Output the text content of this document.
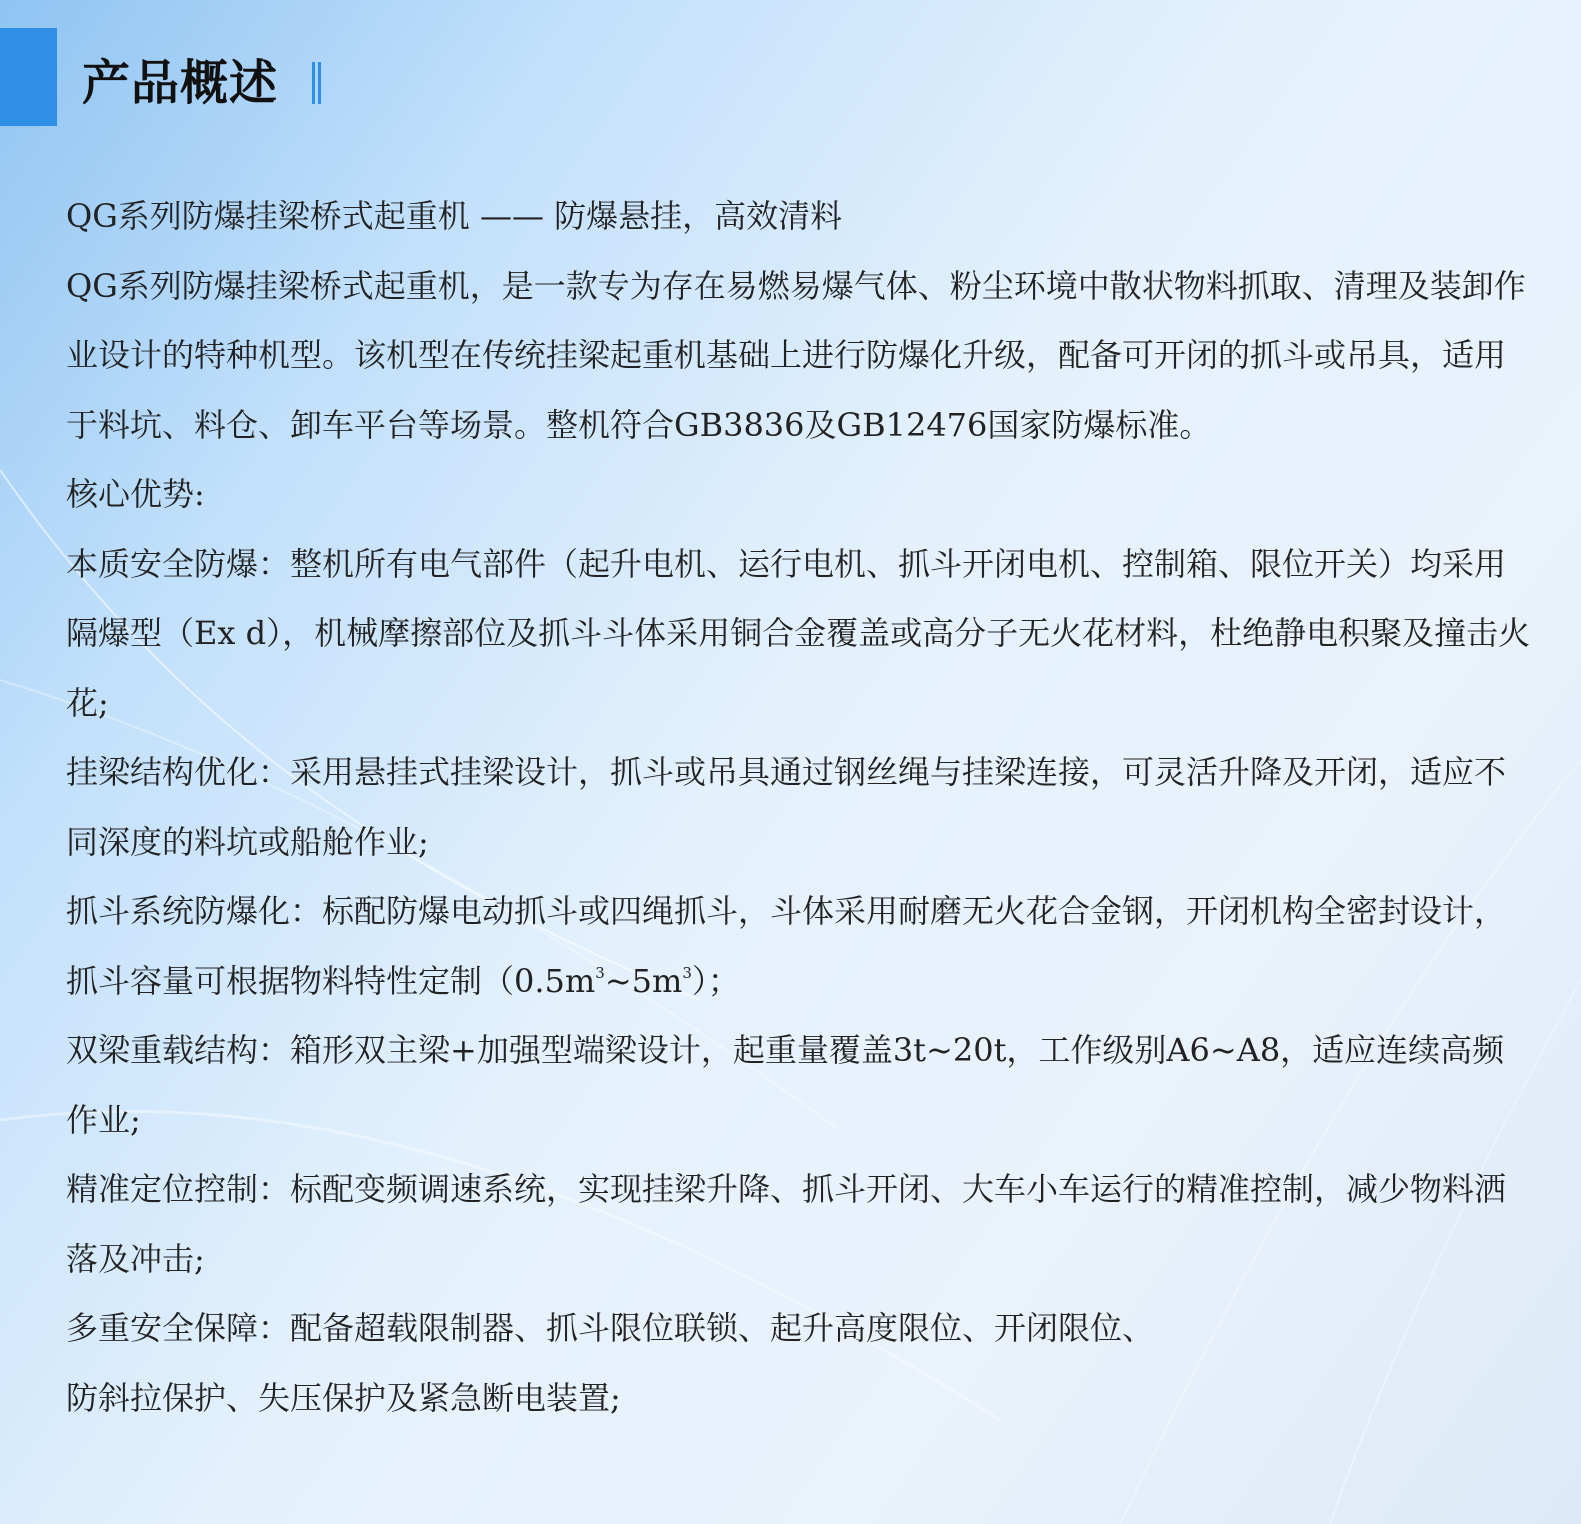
产品概述

QG系列防爆挂梁桥式起重机 —— 防爆悬挂，高效清料

QG系列防爆挂梁桥式起重机，是一款专为存在易燃易爆气体、粉尘环境中散状物料抓取、清理及装卸作业设计的特种机型。该机型在传统挂梁起重机基础上进行防爆化升级，配备可开闭的抓斗或吊具，适用于料坑、料仓、卸车平台等场景。整机符合GB3836及GB12476国家防爆标准。

核心优势:

本质安全防爆：整机所有电气部件（起升电机、运行电机、抓斗开闭电机、控制箱、限位开关）均采用隔爆型（Ex d），机械摩擦部位及抓斗斗体采用铜合金覆盖或高分子无火花材料，杜绝静电积聚及撞击火花;

挂梁结构优化：采用悬挂式挂梁设计，抓斗或吊具通过钢丝绳与挂梁连接，可灵活升降及开闭，适应不同深度的料坑或船舱作业;

抓斗系统防爆化：标配防爆电动抓斗或四绳抓斗，斗体采用耐磨无火花合金钢，开闭机构全密封设计，抓斗容量可根据物料特性定制$(0.5m^3\sim 5m^3)$；

双梁重载结构：箱形双主梁+加强型端梁设计，起重量覆盖3t~20t，工作级别A6~A8，适应连续高频作业;

精准定位控制：标配变频调速系统，实现挂梁升降、抓斗开闭、大车小车运行的精准控制，减少物料洒落及冲击;

多重安全保障：配备超载限制器、抓斗限位联锁、起升高度限位、开闭限位、
防斜拉保护、失压保护及紧急断电装置;
